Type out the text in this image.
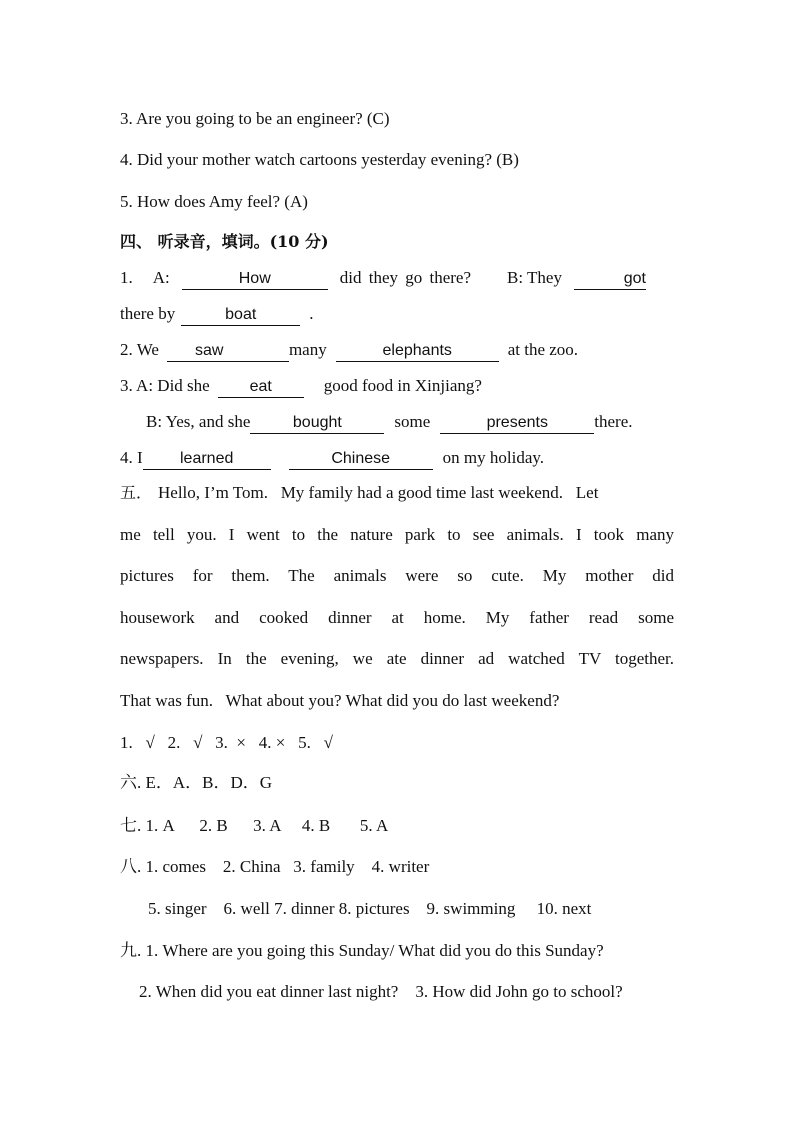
3. Are you going to be an engineer? (C)
4. Did your mother watch cartoons yesterday evening? (B)
5. How does Amy feel? (A)
四、 听录音，填词。(10 分)
1. A:	How	did they go there? B: They	got
there by	boat	.
2. We saw	many	elephants	at the zoo.
3. A: Did she eat	good food in Xinjiang?
B: Yes, and she	bought	some	presents	there.
4. I learned	Chinese	on my holiday.
五． Hello, I’m Tom.   My family had a good time last weekend.   Let
me tell you. I went to the nature park to see animals. I took many
pictures for them. The animals were so cute. My mother did
housework and cooked dinner at home. My father read some
newspapers. In the evening, we ate dinner ad watched TV together.
That was fun.   What about you? What did you do last weekend?
1.   √   2.   √   3.  ×   4. ×   5.   √
六. E．A．B．D．G
七. 1. A      2. B      3. A     4. B       5. A
八. 1. comes    2. China   3. family    4. writer
5. singer    6. well 7. dinner 8. pictures    9. swimming     10. next
九. 1. Where are you going this Sunday/ What did you do this Sunday?
2. When did you eat dinner last night?    3. How did John go to school?
